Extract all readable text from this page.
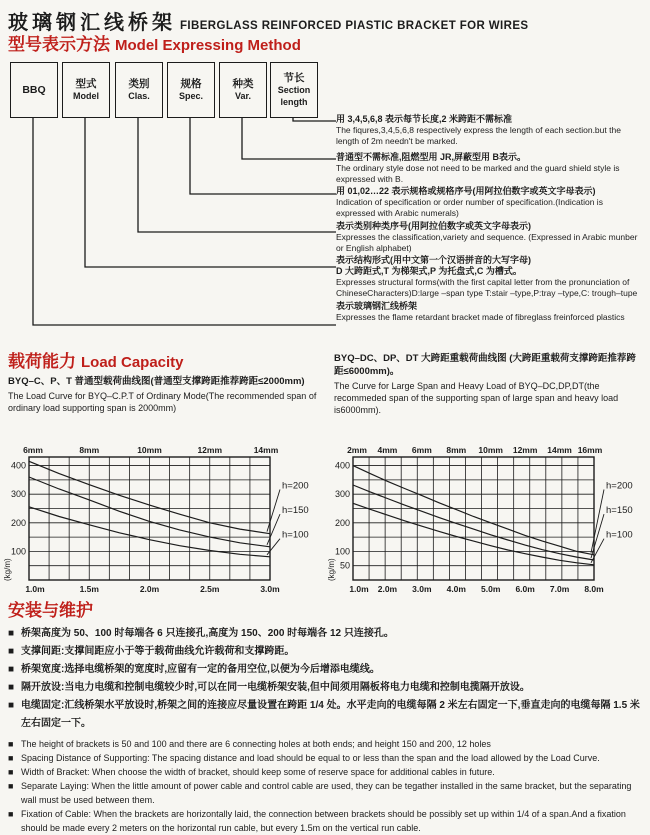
玻璃钢汇线桥架 FIBERGLASS REINFORCED PIASTIC BRACKET FOR WIRES
型号表示方法 Model Expressing Method
BBQ	型式
Model
类别
Clas.
规格
Spec.
种类
Var.
节长
Section length
用 3,4,5,6,8 表示每节长度,2 米跨距不需标准
The fiqures,3,4,5,6,8 respectively express the length of each section.but the length of 2m needn't be marked.
普通型不需标准,阻燃型用 JR,屏蔽型用 B表示。
The ordinary style dose not need to be marked and the guard shield style is expressed with B.
用 01,02…22 表示规格或规格序号(用阿拉伯数字或英文字母表示)
Indication of specification or order number of specification.(Indication is expressed with Arabic numerals)
表示类别种类序号(用阿拉伯数字或英文字母表示)
Expresses the classification,variety and sequence. (Expressed in Arabic munber or English alphabet)
表示结构形式(用中文第一个汉语拼音的大写字母)
D 大跨距式,T 为梯架式,P 为托盘式,C 为槽式。
Expresses structural forms(with the first capital letter from the pronunciation of ChineseCharacters)D:large –span type T:stair –type,P:tray –type,C: trough–tupe
表示玻璃钢汇线桥架
Expresses the flame retardant bracket made of fibreglass freinforced plastics
载荷能力 Load Capacity
BYQ–C、P、T 普通型载荷曲线图(普通型支撑跨距推荐跨距≤2000mm)
The Load Curve for BYQ–C.P.T of Ordinary Mode(The recommended span of ordinary load supporting span is 2000mm)
BYQ–DC、DP、DT 大跨距重载荷曲线图 (大跨距重载荷支撑跨距推荐跨距≤6000mm)。
The Curve for Large Span and Heavy Load of BYQ–DC,DP,DT(the recommeded span of the supporting span of large span and heavy load is6000mm).
400
300
200
100
(kg/m)
6mm	8mm	10mm	12mm	14mm
1.0m	1.5m	2.0m	2.5m	3.0m
h=200
h=150
h=100
400
300
200
100
50
(kg/m)
2mm 4mm 6mm 8mm 10mm 12mm 14mm 16mm
1.0m 2.0m 3.0m 4.0m 5.0m 6.0m 7.0m 8.0m
h=200
h=150
h=100
安装与维护
■ 桥架高度为 50、100 时每端各 6 只连接孔,高度为 150、200 时每端各 12 只连接孔。
■ 支撑间距:支撑间距应小于等于载荷曲线允许载荷和支撑跨距。
■ 桥架宽度:选择电缆桥架的宽度时,应留有一定的备用空位,以便为今后增添电缆线。
■ 隔开放设:当电力电缆和控制电缆较少时,可以在同一电缆桥架安装,但中间须用隔板将电力电缆和控制电揽隔开放设。
■ 电缆固定:汇线桥架水平放设时,桥架之间的连接应尽量设置在跨距 1/4 处。水平走向的电缆每隔 2 米左右固定一下,垂直走向的电缆每隔 1.5 米左右固定一下。
■ The height of brackets is 50 and 100 and there are 6 connecting holes at both ends; and height 150 and 200, 12 holes
■ Spacing Distance of Supporting: The spacing distance and load should be equal to or less than the span and the load allowed by the Load Curve.
■ Width of Bracket: When choose the width of bracket, should keep some of reserve space for additional cables in future.
■ Separate Laying: When the little amount of power cable and control cable are used, they can be tegather installed in the same bracket, but the separating wall must be used between them.
■ Fixation of Cable: When the brackets are horizontally laid, the connection between brackets should be possibly set up within 1/4 of a span.And a fixation should be made every 2 meters on the horizontal run cable, but every 1.5m on the vertical run cable.
